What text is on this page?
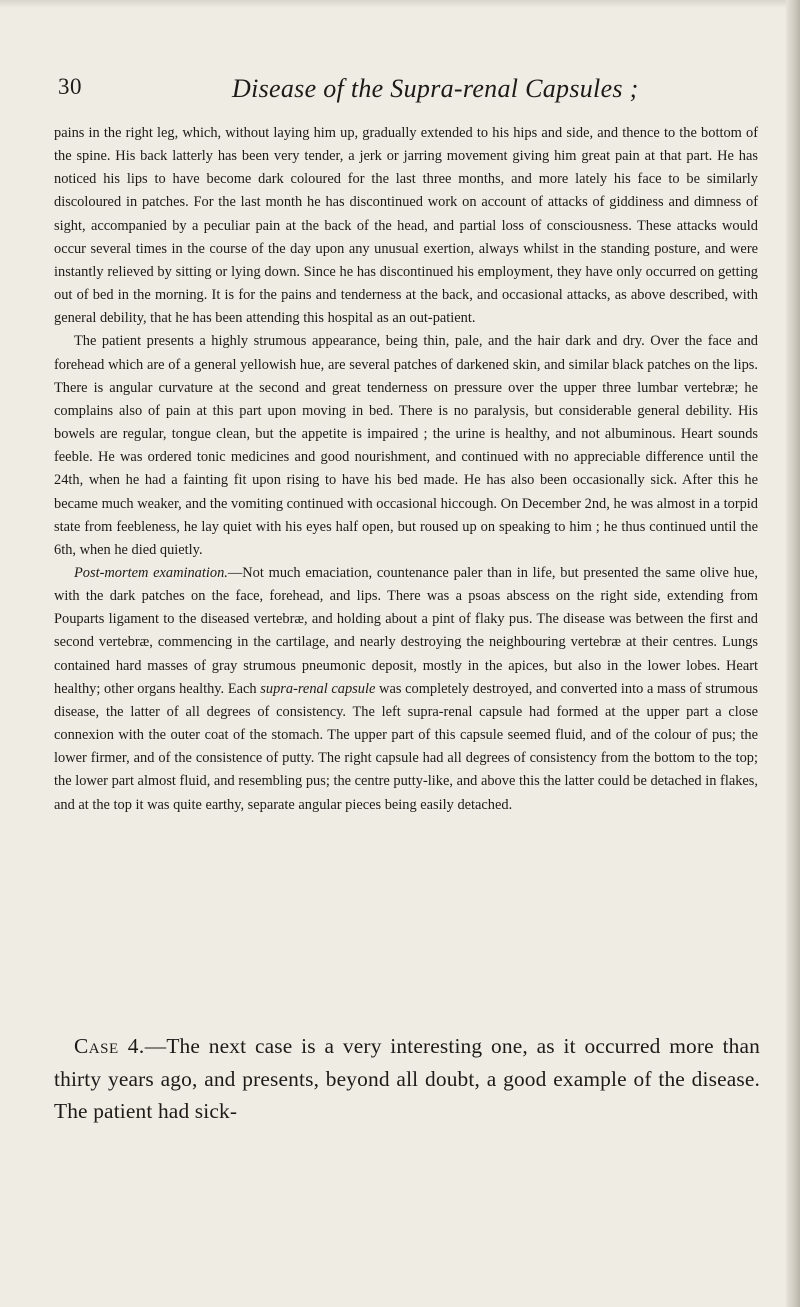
30	Disease of the Supra-renal Capsules ;

pains in the right leg, which, without laying him up, gradually extended to his hips and side, and thence to the bottom of the spine. His back latterly has been very tender, a jerk or jarring movement giving him great pain at that part. He has noticed his lips to have become dark coloured for the last three months, and more lately his face to be similarly discoloured in patches. For the last month he has discontinued work on account of attacks of giddiness and dimness of sight, accompanied by a peculiar pain at the back of the head, and partial loss of consciousness. These attacks would occur several times in the course of the day upon any unusual exertion, always whilst in the standing posture, and were instantly relieved by sitting or lying down. Since he has discontinued his employment, they have only occurred on getting out of bed in the morning. It is for the pains and tenderness at the back, and occasional attacks, as above described, with general debility, that he has been attending this hospital as an out-patient.

The patient presents a highly strumous appearance, being thin, pale, and the hair dark and dry. Over the face and forehead which are of a general yellowish hue, are several patches of darkened skin, and similar black patches on the lips. There is angular curvature at the second and great tenderness on pressure over the upper three lumbar vertebræ; he complains also of pain at this part upon moving in bed. There is no paralysis, but considerable general debility. His bowels are regular, tongue clean, but the appetite is impaired ; the urine is healthy, and not albuminous. Heart sounds feeble. He was ordered tonic medicines and good nourishment, and continued with no appreciable difference until the 24th, when he had a fainting fit upon rising to have his bed made. He has also been occasionally sick. After this he became much weaker, and the vomiting continued with occasional hiccough. On December 2nd, he was almost in a torpid state from feebleness, he lay quiet with his eyes half open, but roused up on speaking to him ; he thus continued until the 6th, when he died quietly.

Post-mortem examination.—Not much emaciation, countenance paler than in life, but presented the same olive hue, with the dark patches on the face, forehead, and lips. There was a psoas abscess on the right side, extending from Pouparts ligament to the diseased vertebræ, and holding about a pint of flaky pus. The disease was between the first and second vertebræ, commencing in the cartilage, and nearly destroying the neighbouring vertebræ at their centres. Lungs contained hard masses of gray strumous pneumonic deposit, mostly in the apices, but also in the lower lobes. Heart healthy; other organs healthy. Each supra-renal capsule was completely destroyed, and converted into a mass of strumous disease, the latter of all degrees of consistency. The left supra-renal capsule had formed at the upper part a close connexion with the outer coat of the stomach. The upper part of this capsule seemed fluid, and of the colour of pus; the lower firmer, and of the consistence of putty. The right capsule had all degrees of consistency from the bottom to the top; the lower part almost fluid, and resembling pus; the centre putty-like, and above this the latter could be detached in flakes, and at the top it was quite earthy, separate angular pieces being easily detached.

Case 4.—The next case is a very interesting one, as it occurred more than thirty years ago, and presents, beyond all doubt, a good example of the disease. The patient had sick-
